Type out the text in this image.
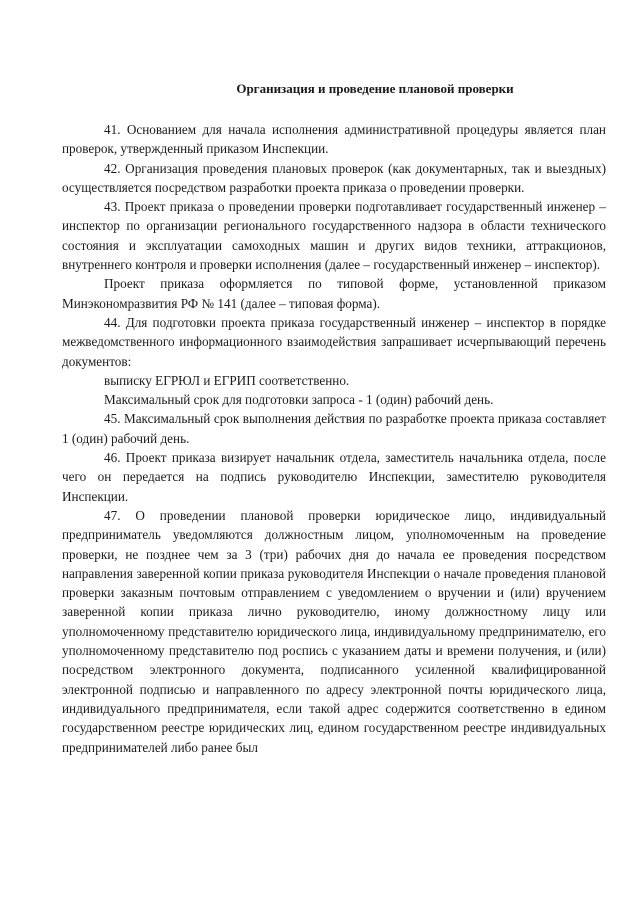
Организация и проведение плановой проверки

41. Основанием для начала исполнения административной процедуры является план проверок, утвержденный приказом Инспекции.

42. Организация проведения плановых проверок (как документарных, так и выездных) осуществляется посредством разработки проекта приказа о проведении проверки.

43. Проект приказа о проведении проверки подготавливает государственный инженер – инспектор по организации регионального государственного надзора в области технического состояния и эксплуатации самоходных машин и других видов техники, аттракционов, внутреннего контроля и проверки исполнения (далее – государственный инженер – инспектор).

Проект приказа оформляется по типовой форме, установленной приказом Минэкономразвития РФ № 141 (далее – типовая форма).

44. Для подготовки проекта приказа государственный инженер – инспектор в порядке межведомственного информационного взаимодействия запрашивает исчерпывающий перечень документов:

выписку ЕГРЮЛ и ЕГРИП соответственно.

Максимальный срок для подготовки запроса - 1 (один) рабочий день.

45. Максимальный срок выполнения действия по разработке проекта приказа составляет 1 (один) рабочий день.

46. Проект приказа визирует начальник отдела, заместитель начальника отдела, после чего он передается на подпись руководителю Инспекции, заместителю руководителя Инспекции.

47. О проведении плановой проверки юридическое лицо, индивидуальный предприниматель уведомляются должностным лицом, уполномоченным на проведение проверки, не позднее чем за 3 (три) рабочих дня до начала ее проведения посредством направления заверенной копии приказа руководителя Инспекции о начале проведения плановой проверки заказным почтовым отправлением с уведомлением о вручении и (или) вручением заверенной копии приказа лично руководителю, иному должностному лицу или уполномоченному представителю юридического лица, индивидуальному предпринимателю, его уполномоченному представителю под роспись с указанием даты и времени получения, и (или) посредством электронного документа, подписанного усиленной квалифицированной электронной подписью и направленного по адресу электронной почты юридического лица, индивидуального предпринимателя, если такой адрес содержится соответственно в едином государственном реестре юридических лиц, едином государственном реестре индивидуальных предпринимателей либо ранее был
